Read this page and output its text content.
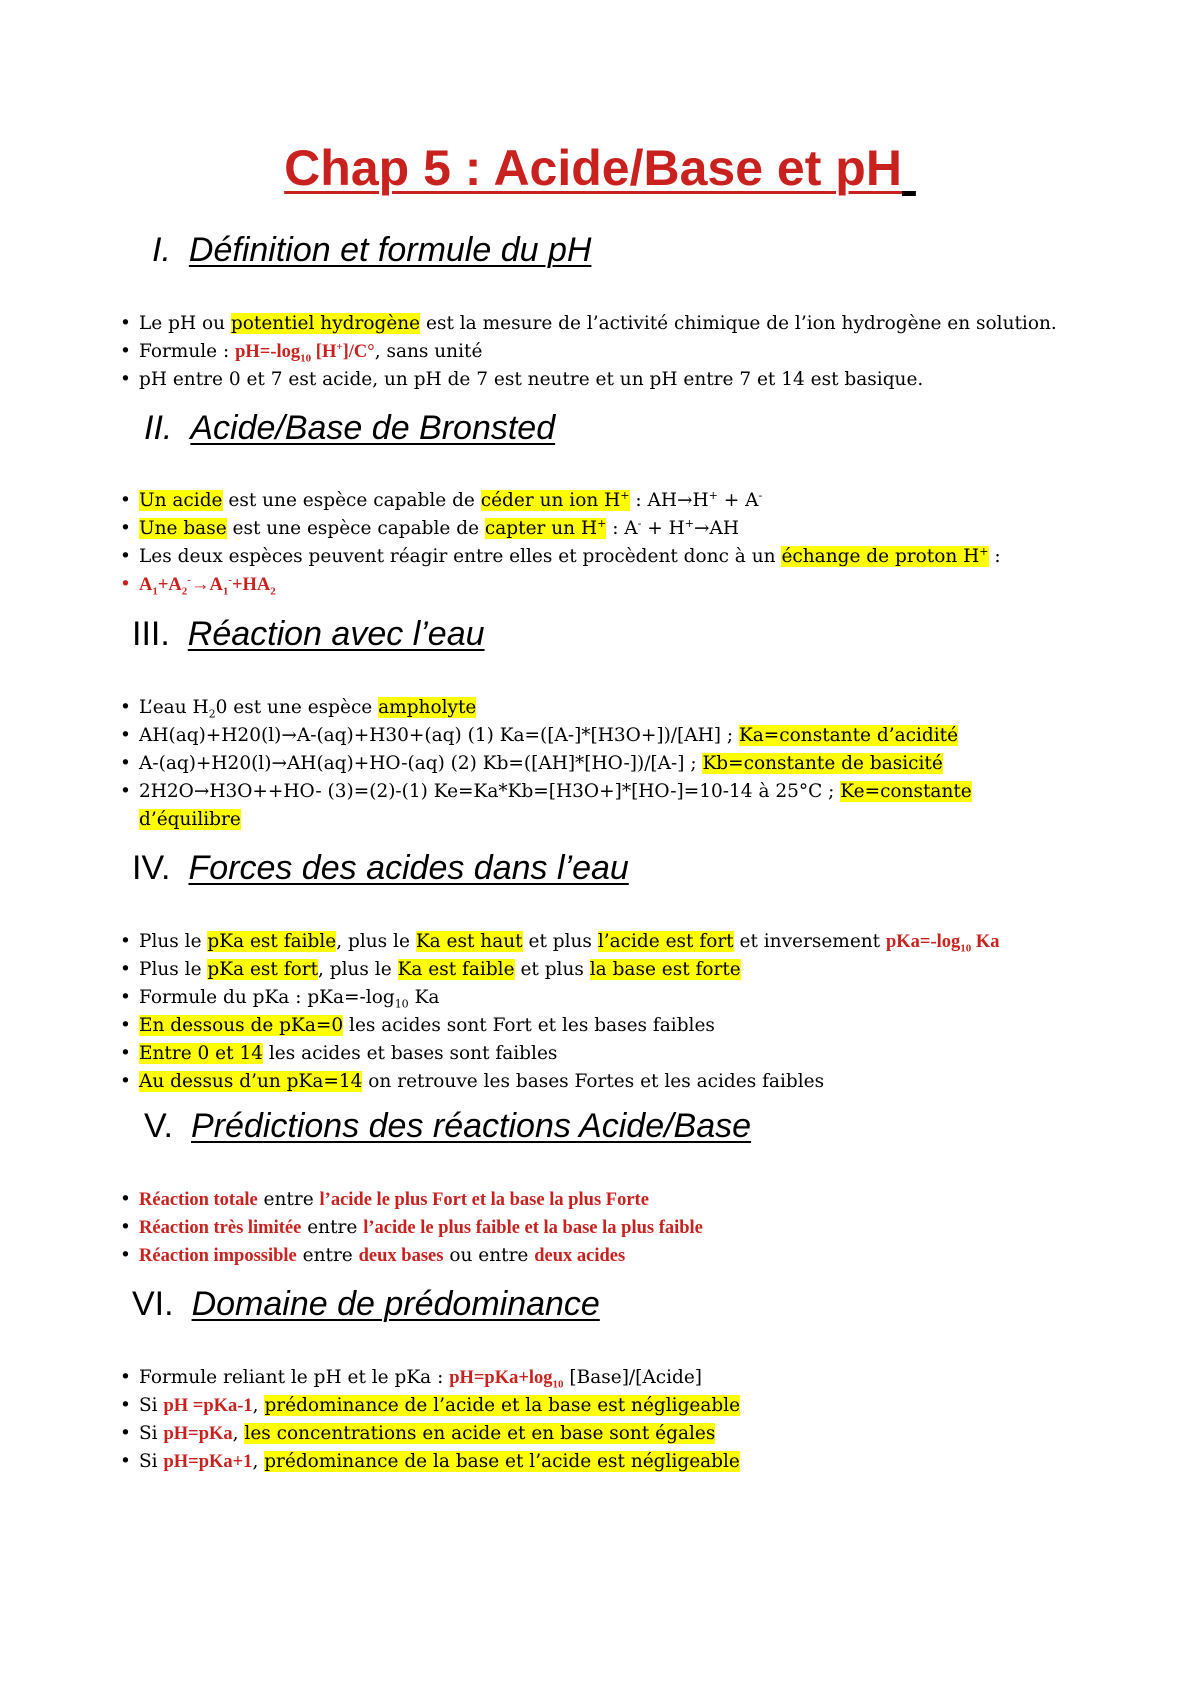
Chap 5 : Acide/Base et pH
I. Définition et formule du pH
• Le pH ou potentiel hydrogène est la mesure de l’activité chimique de l’ion hydrogène en solution.
• Formule : $pH=-\log_{10}$ [H+]/C°, sans unité
• pH entre 0 et 7 est acide, un pH de 7 est neutre et un pH entre 7 et 14 est basique.
II. Acide/Base de Bronsted
• Un acide est une espèce capable de céder un ion H+ : AH→H+ + A-
• Une base est une espèce capable de capter un H+ : A- + H+→AH
• Les deux espèces peuvent réagir entre elles et procèdent donc à un échange de proton H+ :
• $A_1+A_2^-\to A_1^-+HA_2$
III. Réaction avec l’eau
• L’eau $H_20$ est une espèce ampholyte
• AH(aq)+H20(l)→A-(aq)+H30+(aq) (1) Ka=([A-]*[H3O+])/[AH] ; Ka=constante d’acidité
• A-(aq)+H20(l)→AH(aq)+HO-(aq) (2) Kb=([AH]*[HO-])/[A-] ; Kb=constante de basicité
• 2H2O→H3O++HO- (3)=(2)-(1) Ke=Ka*Kb=[H3O+]*[HO-]=10-14 à 25°C ; Ke=constante d’équilibre
IV. Forces des acides dans l’eau
• Plus le pKa est faible, plus le Ka est haut et plus l’acide est fort et inversement $pKa=-\log_{10}$ Ka
• Plus le pKa est fort, plus le Ka est faible et plus la base est forte
• Formule du pKa : $pKa=-\log_{10}$ Ka
• En dessous de pKa=0 les acides sont Fort et les bases faibles
• Entre 0 et 14 les acides et bases sont faibles
• Au dessus d’un pKa=14 on retrouve les bases Fortes et les acides faibles
V. Prédictions des réactions Acide/Base
• Réaction totale entre l’acide le plus Fort et la base la plus Forte
• Réaction très limitée entre l’acide le plus faible et la base la plus faible
• Réaction impossible entre deux bases ou entre deux acides
VI. Domaine de prédominance
• Formule reliant le pH et le pKa : $pH=pKa+\log_{10}$ [Base]/[Acide]
• Si pH =pKa-1, prédominance de l’acide et la base est négligeable
• Si pH=pKa, les concentrations en acide et en base sont égales
• Si pH=pKa+1, prédominance de la base et l’acide est négligeable
